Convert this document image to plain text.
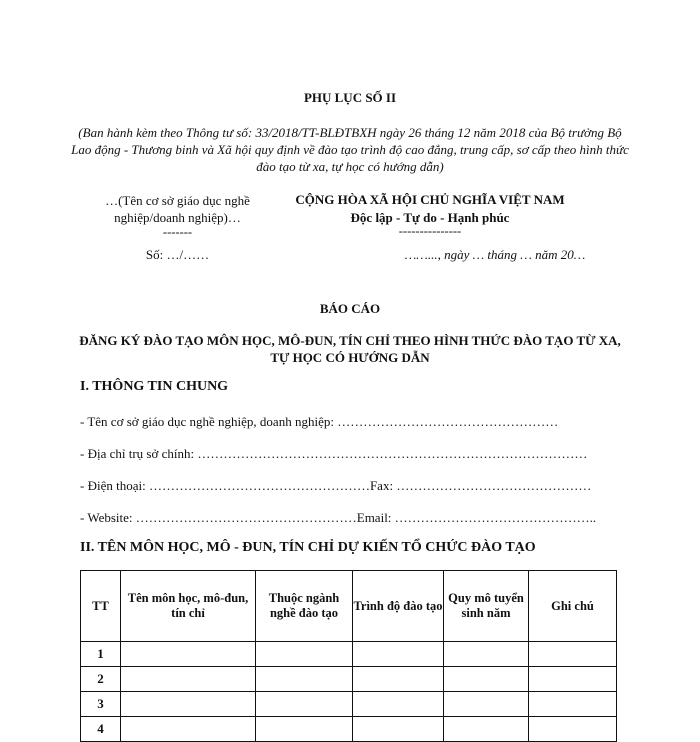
PHỤ LỤC SỐ II
(Ban hành kèm theo Thông tư số: 33/2018/TT-BLĐTBXH ngày 26 tháng 12 năm 2018 của Bộ trưởng Bộ Lao động - Thương binh và Xã hội quy định về đào tạo trình độ cao đẳng, trung cấp, sơ cấp theo hình thức đào tạo từ xa, tự học có hướng dẫn)
…(Tên cơ sở giáo dục nghề nghiệp/doanh nghiệp)…
-------
Số: …/……
CỘNG HÒA XÃ HỘI CHỦ NGHĨA VIỆT NAM
Độc lập - Tự do - Hạnh phúc
---------------
……..., ngày … tháng … năm 20…
BÁO CÁO
ĐĂNG KÝ ĐÀO TẠO MÔN HỌC, MÔ-ĐUN, TÍN CHỈ THEO HÌNH THỨC ĐÀO TẠO TỪ XA, TỰ HỌC CÓ HƯỚNG DẪN
I. THÔNG TIN CHUNG
- Tên cơ sở giáo dục nghề nghiệp, doanh nghiệp: ……………………………………………
- Địa chỉ trụ sở chính: ………………………………………………………………………………
- Điện thoại: ……………………………………………Fax: ………………………………………
- Website: ……………………………………………Email: ………………………………………..
II. TÊN MÔN HỌC, MÔ - ĐUN, TÍN CHỈ DỰ KIẾN TỔ CHỨC ĐÀO TẠO
TT	Tên môn học, mô-đun, tín chỉ	Thuộc ngành nghề đào tạo	Trình độ đào tạo	Quy mô tuyển sinh năm	Ghi chú
1					
2					
3					
4					
